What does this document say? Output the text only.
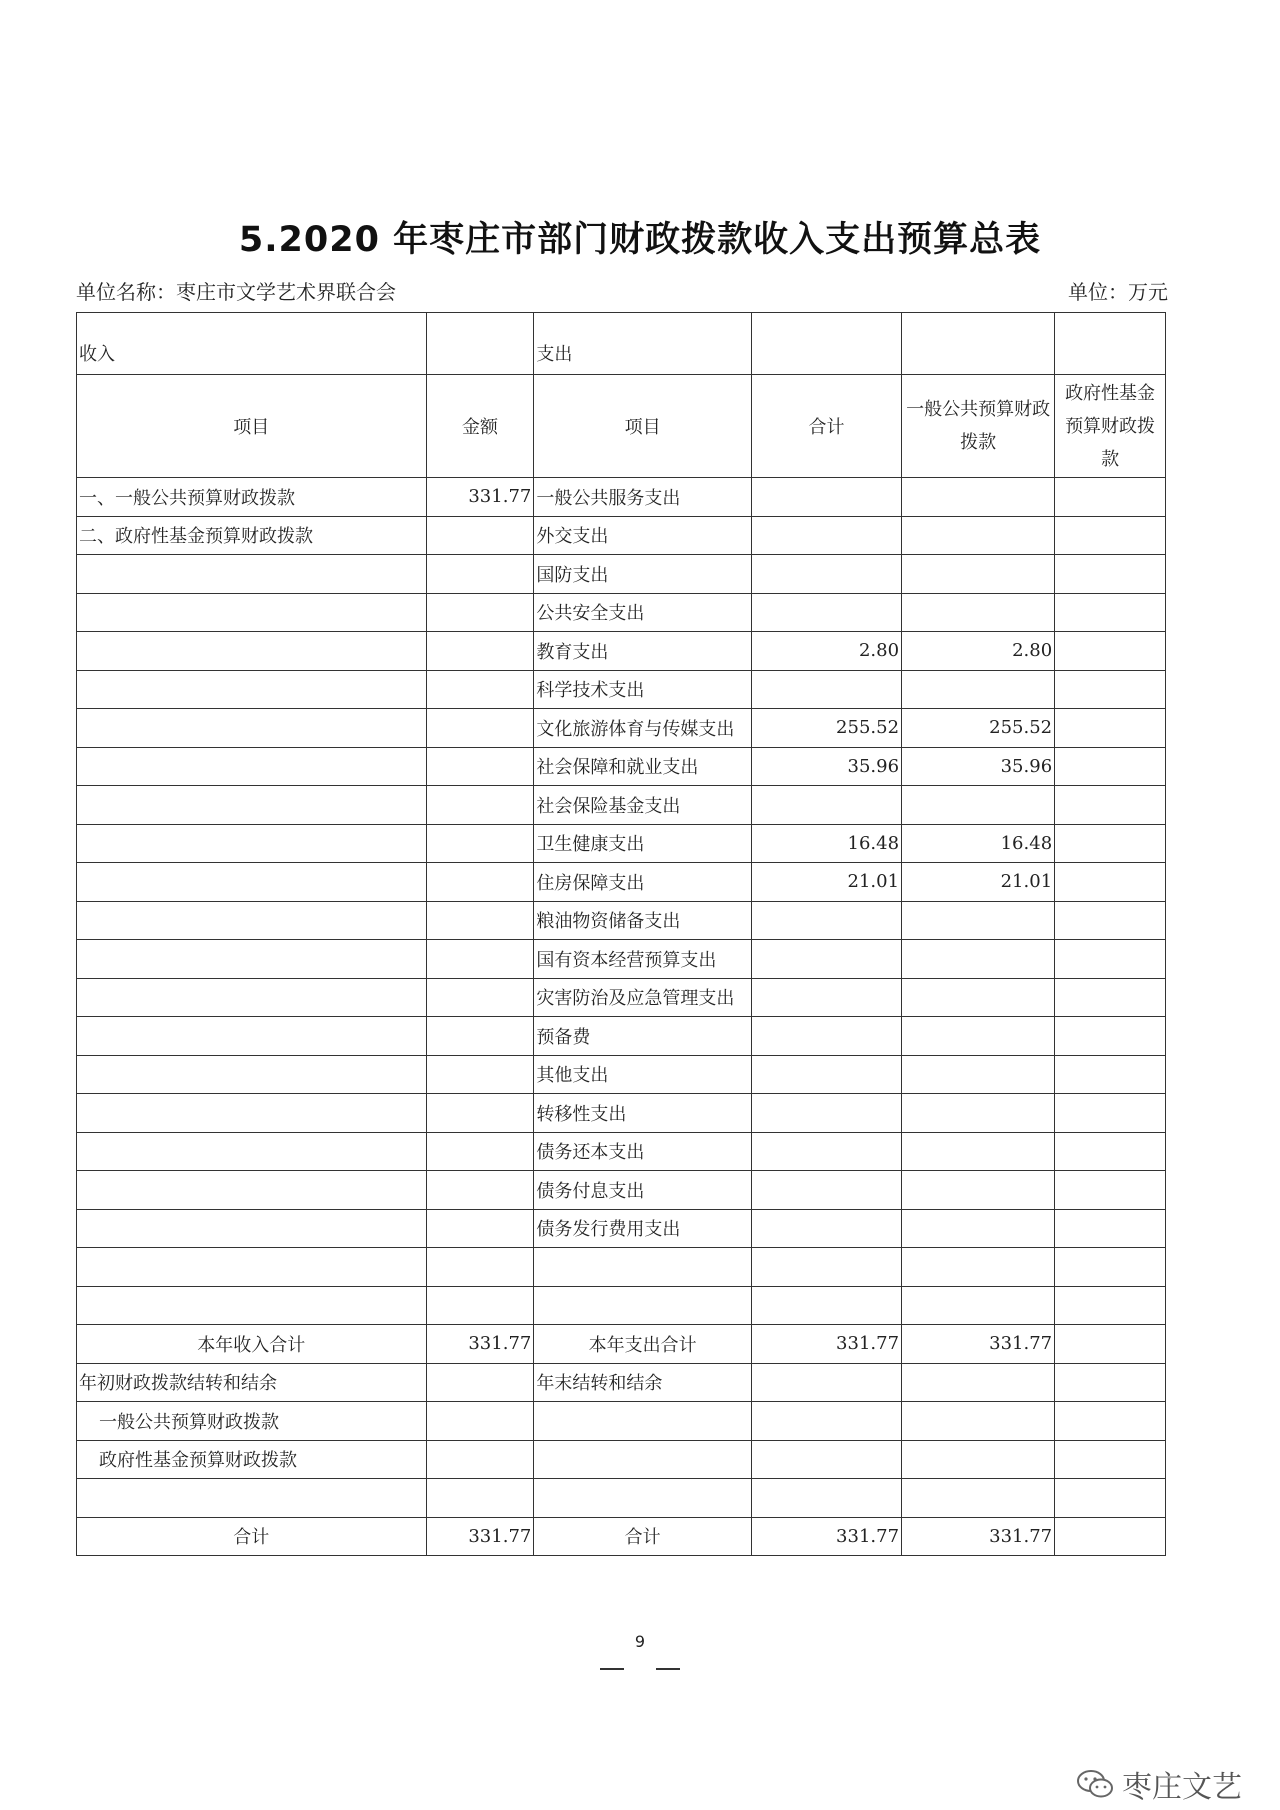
5.2020 年枣庄市部门财政拨款收入支出预算总表
单位名称：枣庄市文学艺术界联合会	单位：万元
收入		支出			
项目	金额	项目	合计	一般公共预算财政拨款	政府性基金预算财政拨款
一、一般公共预算财政拨款	331.77	一般公共服务支出			
二、政府性基金预算财政拨款		外交支出			
		国防支出			
		公共安全支出			
		教育支出	2.80	2.80	
		科学技术支出			
		文化旅游体育与传媒支出	255.52	255.52	
		社会保障和就业支出	35.96	35.96	
		社会保险基金支出			
		卫生健康支出	16.48	16.48	
		住房保障支出	21.01	21.01	
		粮油物资储备支出			
		国有资本经营预算支出			
		灾害防治及应急管理支出			
		预备费			
		其他支出			
		转移性支出			
		债务还本支出			
		债务付息支出			
		债务发行费用支出			

本年收入合计	331.77	本年支出合计	331.77	331.77	
年初财政拨款结转和结余		年末结转和结余			
一般公共预算财政拨款					
政府性基金预算财政拨款					

合计	331.77	合计	331.77	331.77	
9
枣庄文艺
